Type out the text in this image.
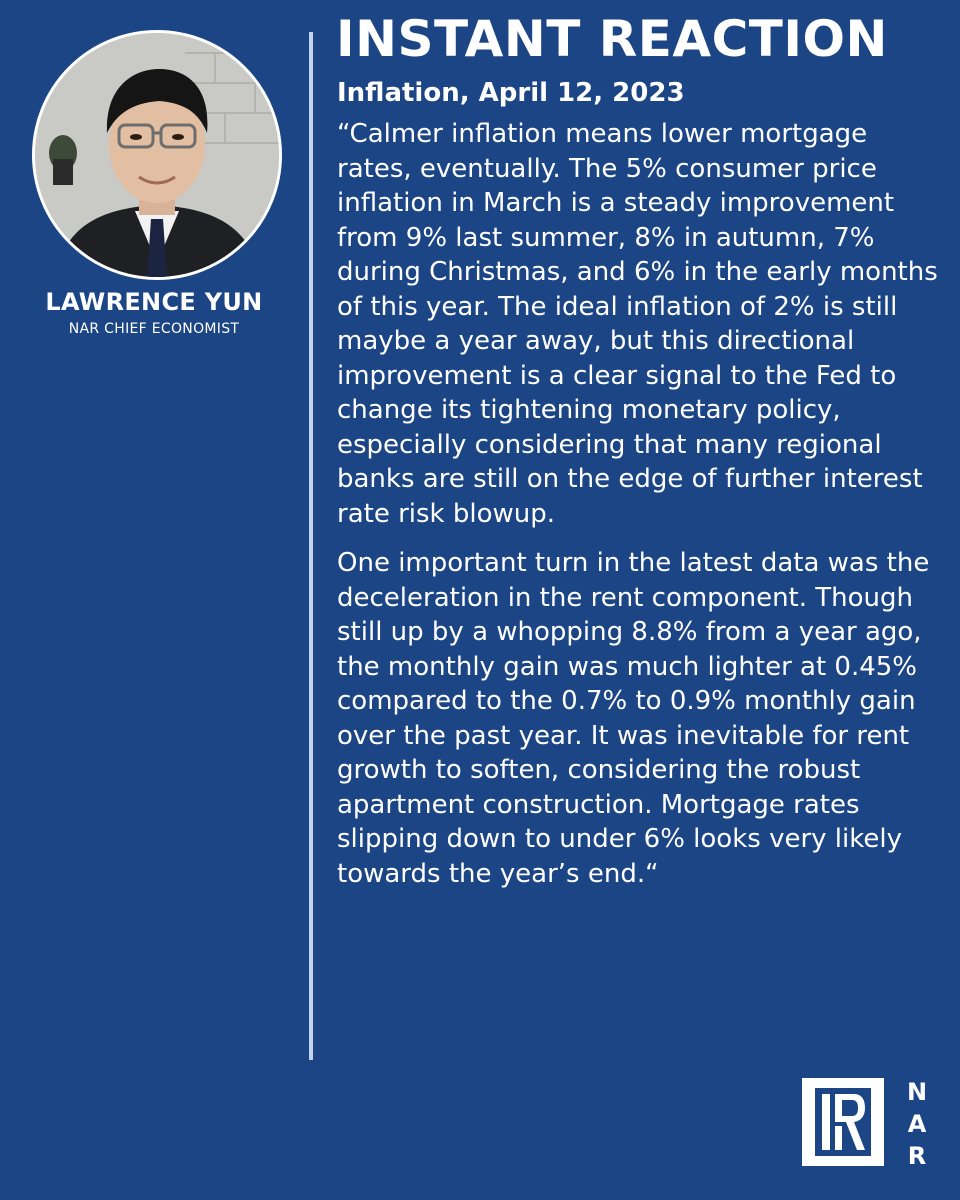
LAWRENCE YUN
NAR CHIEF ECONOMIST
INSTANT REACTION
Inflation, April 12, 2023

“Calmer inflation means lower mortgage rates, eventually. The 5% consumer price inflation in March is a steady improvement from 9% last summer, 8% in autumn, 7% during Christmas, and 6% in the early months of this year. The ideal inflation of 2% is still maybe a year away, but this directional improvement is a clear signal to the Fed to change its tightening monetary policy, especially considering that many regional banks are still on the edge of further interest rate risk blowup.

One important turn in the latest data was the deceleration in the rent component. Though still up by a whopping 8.8% from a year ago, the monthly gain was much lighter at 0.45% compared to the 0.7% to 0.9% monthly gain over the past year. It was inevitable for rent growth to soften, considering the robust apartment construction. Mortgage rates slipping down to under 6% looks very likely towards the year’s end.“

N
A
R
